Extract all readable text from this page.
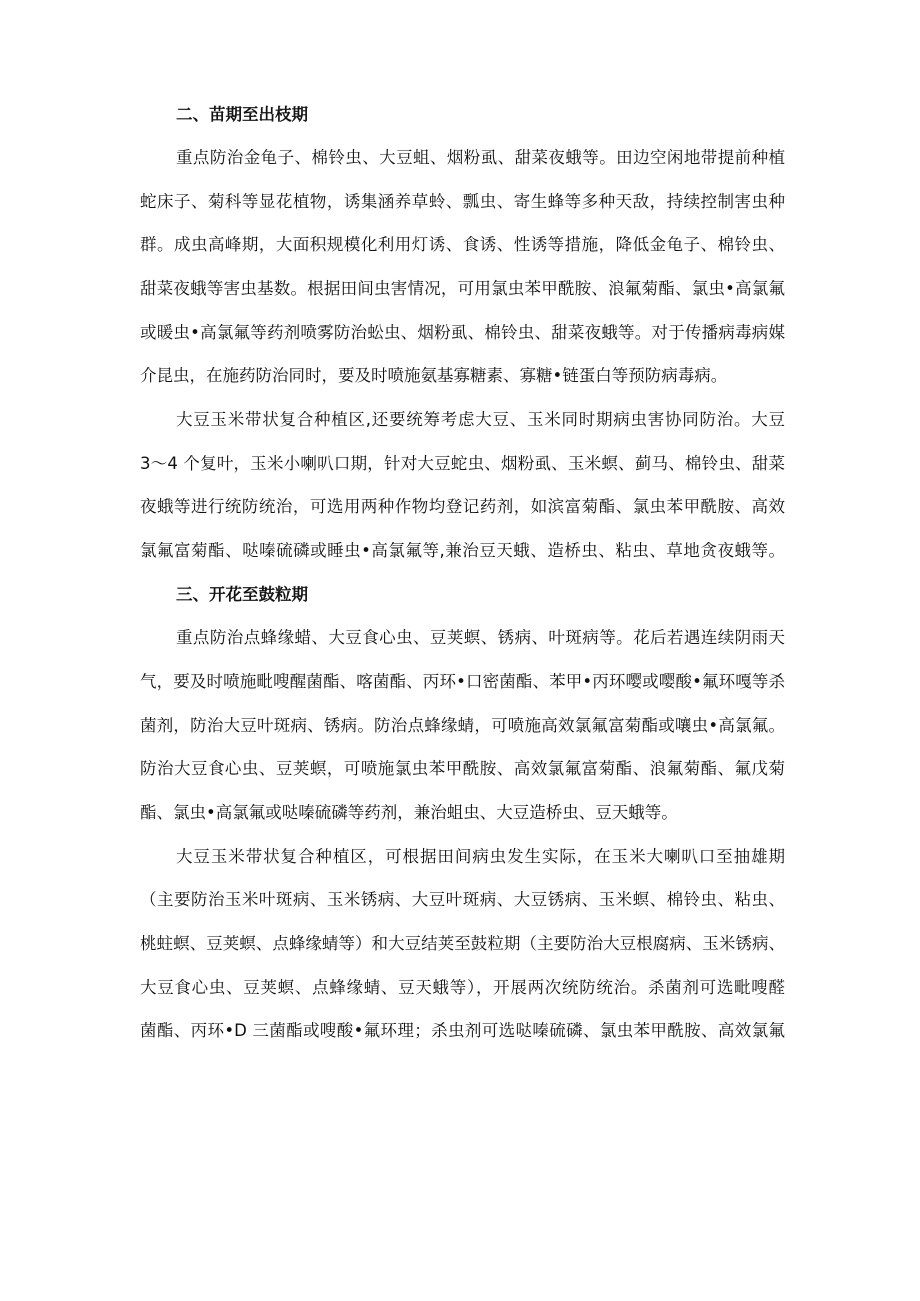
二、苗期至出枝期

重点防治金龟子、棉铃虫、大豆蛆、烟粉虱、甜菜夜蛾等。田边空闲地带提前种植

蛇床子、菊科等显花植物，诱集涵养草蛉、瓢虫、寄生蜂等多种天敌，持续控制害虫种

群。成虫高峰期，大面积规模化利用灯诱、食诱、性诱等措施，降低金龟子、棉铃虫、

甜菜夜蛾等害虫基数。根据田间虫害情况，可用氯虫苯甲酰胺、浪氟菊酯、氯虫•高氯氟

或暖虫•高氯氟等药剂喷雾防治蚣虫、烟粉虱、棉铃虫、甜菜夜蛾等。对于传播病毒病媒

介昆虫，在施药防治同时，要及时喷施氨基寡糖素、寡糖•链蛋白等预防病毒病。

大豆玉米带状复合种植区,还要统筹考虑大豆、玉米同时期病虫害协同防治。大豆

3～4 个复叶，玉米小喇叭口期，针对大豆蛇虫、烟粉虱、玉米螟、蓟马、棉铃虫、甜菜

夜蛾等进行统防统治，可选用两种作物均登记药剂，如滨富菊酯、氯虫苯甲酰胺、高效

氯氟富菊酯、哒嗪硫磷或睡虫•高氯氟等,兼治豆天蛾、造桥虫、粘虫、草地贪夜蛾等。

三、开花至鼓粒期

重点防治点蜂缘蜡、大豆食心虫、豆荚螟、锈病、叶斑病等。花后若遇连续阴雨天

气，要及时喷施毗嗖醒菌酯、喀菌酯、丙环•口密菌酯、苯甲•丙环嘤或嘤酸•氟环嘎等杀

菌剂，防治大豆叶斑病、锈病。防治点蜂缘蜻，可喷施高效氯氟富菊酯或嚷虫•高氯氟。

防治大豆食心虫、豆荚螟，可喷施氯虫苯甲酰胺、高效氯氟富菊酯、浪氟菊酯、氟戊菊

酯、氯虫•高氯氟或哒嗪硫磷等药剂，兼治蛆虫、大豆造桥虫、豆天蛾等。

大豆玉米带状复合种植区，可根据田间病虫发生实际，在玉米大喇叭口至抽雄期

（主要防治玉米叶斑病、玉米锈病、大豆叶斑病、大豆锈病、玉米螟、棉铃虫、粘虫、

桃蛀螟、豆荚螟、点蜂缘蜻等）和大豆结荚至鼓粒期（主要防治大豆根腐病、玉米锈病、

大豆食心虫、豆荚螟、点蜂缘蜻、豆天蛾等），开展两次统防统治。杀菌剂可选毗嗖醛

菌酯、丙环•D 三菌酯或嗖酸•氟环理；杀虫剂可选哒嗪硫磷、氯虫苯甲酰胺、高效氯氟
